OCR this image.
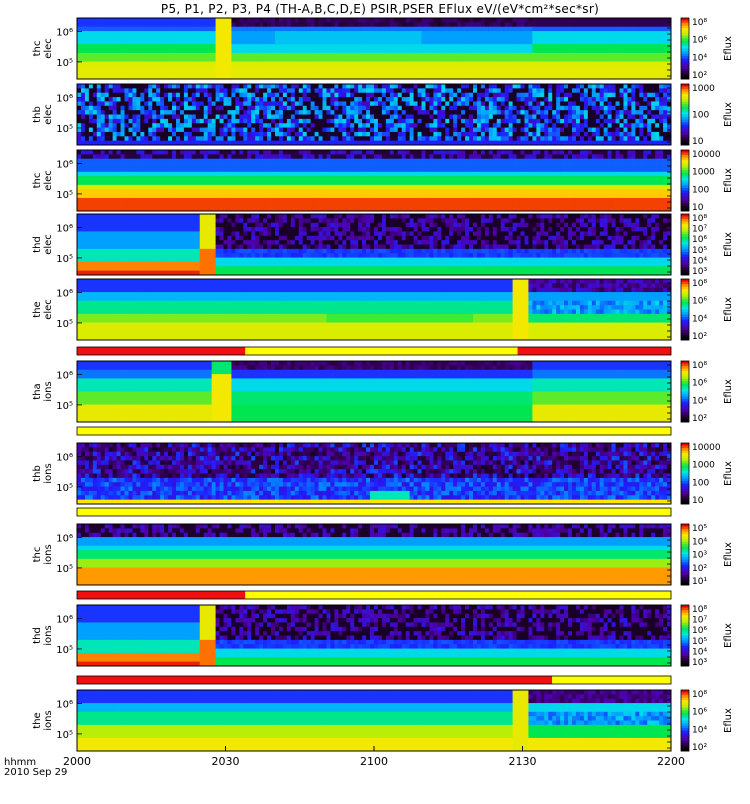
P5, P1, P2, P3, P4 (TH-A,B,C,D,E) PSIR,PSER EFlux eV/(eV*cm²*sec*sr)
10⁶
10⁵
thc elec
10⁸
10⁶
10⁴
10²
Eflux
10⁶
10⁵
thb elec
1000
100
10
Eflux
10⁶
10⁵
thc elec
10000
1000
100
10
Eflux
10⁶
10⁵
thd elec
10⁸
10⁷
10⁶
10⁵
10⁴
10³
Eflux
10⁶
10⁵
the elec
10⁸
10⁶
10⁴
10²
Eflux
10⁶
10⁵
tha ions
10⁸
10⁶
10⁴
10²
Eflux
10⁶
10⁵
thb ions
10000
1000
100
10
Eflux
10⁶
10⁵
thc ions
10⁵
10⁴
10³
10²
10¹
Eflux
10⁶
10⁵
thd ions
10⁸
10⁷
10⁶
10⁵
10⁴
10³
Eflux
10⁶
10⁵
the ions
10⁸
10⁶
10⁴
10²
Eflux
2000	2030	2100	2130	2200
hhmm
2010 Sep 29
